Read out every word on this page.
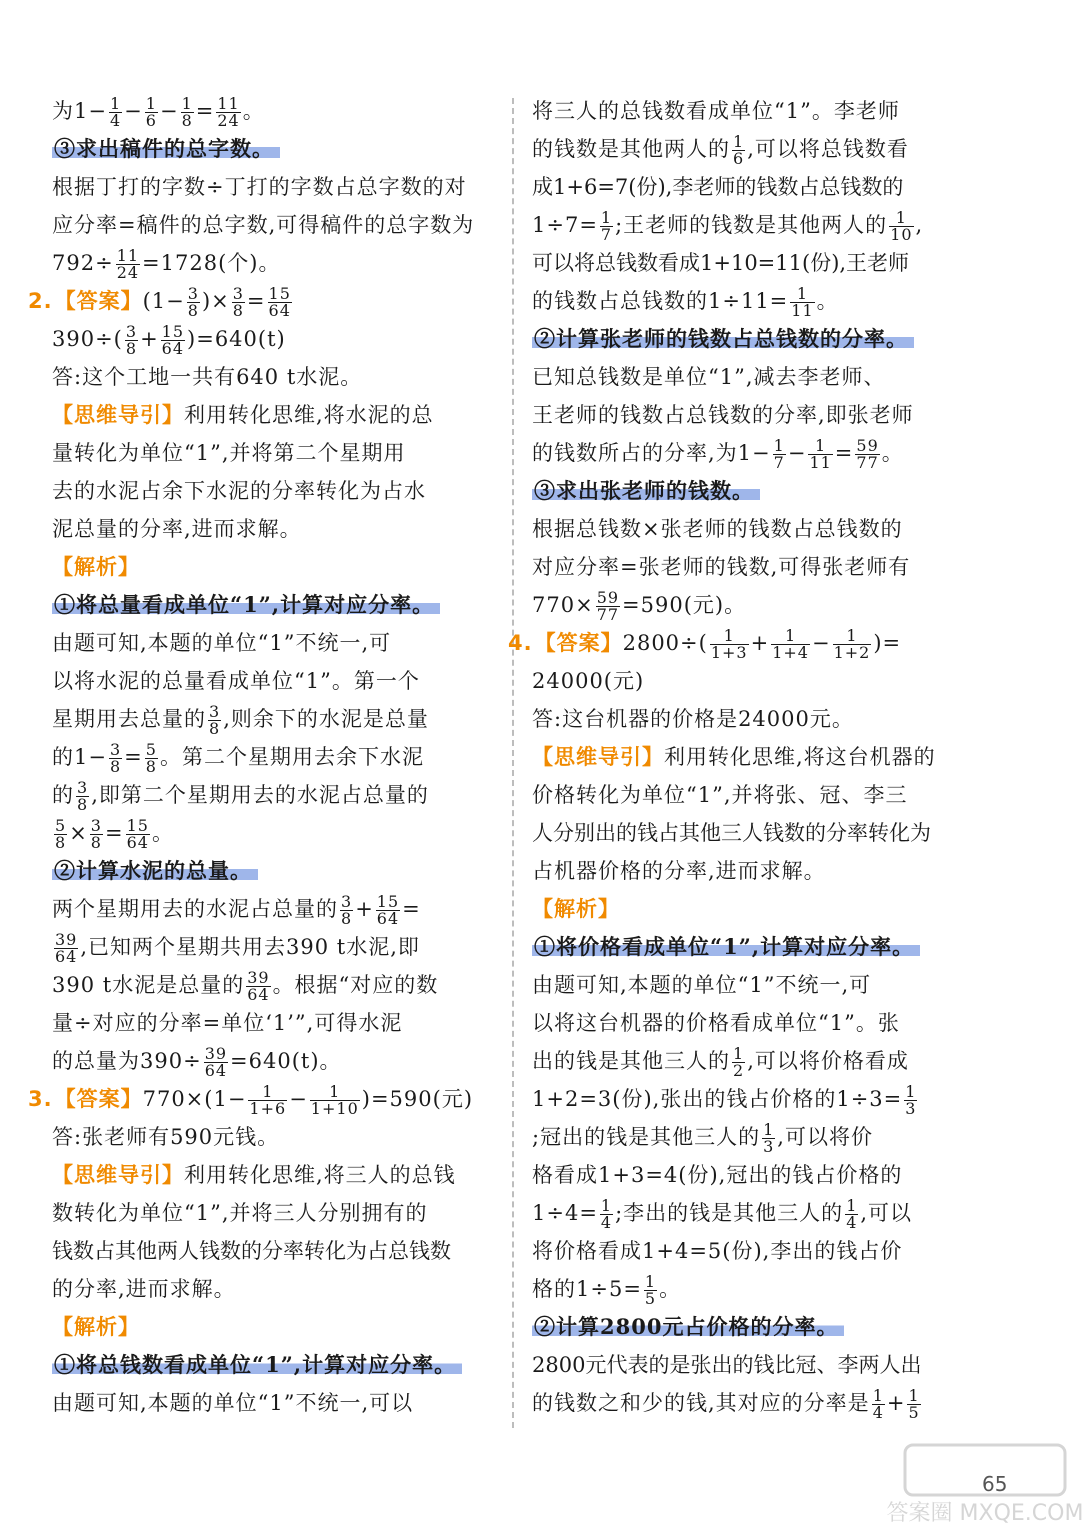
为$1- \frac{1}{4} - \frac{1}{6} - \frac{1}{8} = \frac{11}{24}$ 。
③求出稿件的总字数。
根据丁打的字数÷丁打的字数占总字数的对
应分率=稿件的总字数,可得稿件的总字数为
$792\div \frac{11}{24} =1728$(个)。
2.【答案】($1- \frac{3}{8}$ )× $\frac{3}{8} = \frac{15}{64}$
$390\div( \frac{3}{8} + \frac{15}{64} )=640(t)$
答:这个工地一共有640 t水泥。
【思维导引】利用转化思维,将水泥的总
量转化为单位“1”,并将第二个星期用
去的水泥占余下水泥的分率转化为占水
泥总量的分率,进而求解。
【解析】
①将总量看成单位“1”,计算对应分率。
由题可知,本题的单位“1”不统一,可
以将水泥的总量看成单位“1”。第一个
星期用去总量的 $\frac{3}{8}$ ,则余下的水泥是总量
的$1- \frac{3}{8} = \frac{5}{8}$ 。第二个星期用去余下水泥
的 $\frac{3}{8}$ ,即第二个星期用去的水泥占总量的
$\frac{5}{8} \times \frac{3}{8} = \frac{15}{64}$ 。
②计算水泥的总量。
两个星期用去的水泥占总量的 $\frac{3}{8} + \frac{15}{64}$ =
$\frac{39}{64}$ ,已知两个星期共用去390 t水泥,即
390 t水泥是总量的 $\frac{39}{64}$ 。根据“对应的数
量÷对应的分率=单位‘1’”,可得水泥
的总量为$390\div \frac{39}{64} =640(t)$。
3.【答案】$770\times(1- \frac{1}{1+6} - \frac{1}{1+10} )=590$(元)
答:张老师有590元钱。
【思维导引】利用转化思维,将三人的总钱
数转化为单位“1”,并将三人分别拥有的
钱数占其他两人钱数的分率转化为占总钱数
的分率,进而求解。
【解析】
①将总钱数看成单位“1”,计算对应分率。
由题可知,本题的单位“1”不统一,可以
将三人的总钱数看成单位“1”。李老师
的钱数是其他两人的 $\frac{1}{6}$ ,可以将总钱数看
成1+6=7(份),李老师的钱数占总钱数的
$1\div 7= \frac{1}{7}$ ;王老师的钱数是其他两人的 $\frac{1}{10}$ ,
可以将总钱数看成1+10=11(份),王老师
的钱数占总钱数的$1\div 11= \frac{1}{11}$ 。
②计算张老师的钱数占总钱数的分率。
已知总钱数是单位“1”,减去李老师、
王老师的钱数占总钱数的分率,即张老师
的钱数所占的分率,为$1- \frac{1}{7} - \frac{1}{11} = \frac{59}{77}$ 。
③求出张老师的钱数。
根据总钱数×张老师的钱数占总钱数的
对应分率=张老师的钱数,可得张老师有
$770\times \frac{59}{77} =590$(元)。
4.【答案】$2800\div( \frac{1}{1+3} + \frac{1}{1+4} - \frac{1}{1+2}$ )=
24000(元)
答:这台机器的价格是24000元。
【思维导引】利用转化思维,将这台机器的
价格转化为单位“1”,并将张、冠、李三
人分别出的钱占其他三人钱数的分率转化为
占机器价格的分率,进而求解。
【解析】
①将价格看成单位“1”,计算对应分率。
由题可知,本题的单位“1”不统一,可
以将这台机器的价格看成单位“1”。张
出的钱是其他三人的 $\frac{1}{2}$ ,可以将价格看成
1+2=3(份),张出的钱占价格的$1\div 3= \frac{1}{3}$
;冠出的钱是其他三人的 $\frac{1}{3}$ ,可以将价
格看成1+3=4(份),冠出的钱占价格的
$1\div 4= \frac{1}{4}$ ;李出的钱是其他三人的 $\frac{1}{4}$ ,可以
将价格看成1+4=5(份),李出的钱占价
格的$1\div 5= \frac{1}{5}$ 。
②计算2800元占价格的分率。
2800元代表的是张出的钱比冠、李两人出
的钱数之和少的钱,其对应的分率是 $\frac{1}{4} + \frac{1}{5}$
答案圈 MXQE.COM
65
